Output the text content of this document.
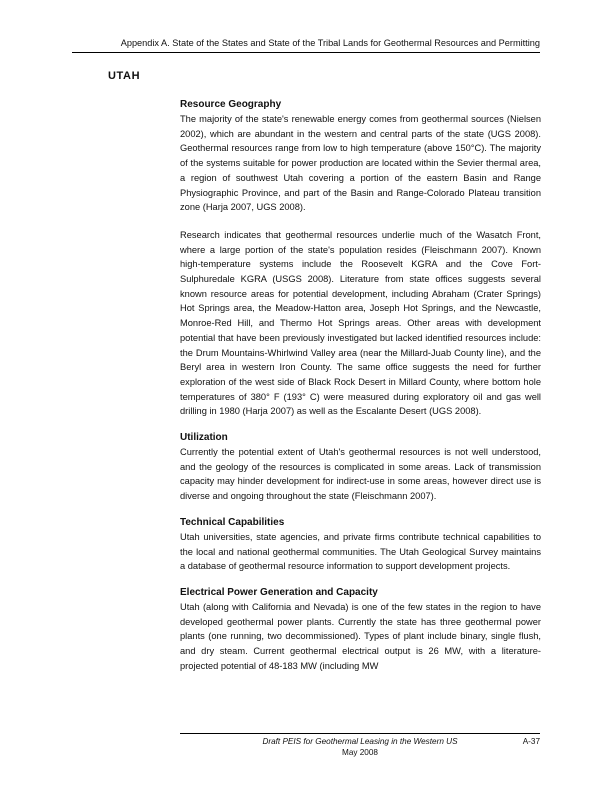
Appendix A. State of the States and State of the Tribal Lands for Geothermal Resources and Permitting
UTAH

Resource Geography

The majority of the state's renewable energy comes from geothermal sources (Nielsen 2002), which are abundant in the western and central parts of the state (UGS 2008). Geothermal resources range from low to high temperature (above 150°C). The majority of the systems suitable for power production are located within the Sevier thermal area, a region of southwest Utah covering a portion of the eastern Basin and Range Physiographic Province, and part of the Basin and Range-Colorado Plateau transition zone (Harja 2007, UGS 2008).

Research indicates that geothermal resources underlie much of the Wasatch Front, where a large portion of the state's population resides (Fleischmann 2007). Known high-temperature systems include the Roosevelt KGRA and the Cove Fort-Sulphuredale KGRA (USGS 2008). Literature from state offices suggests several known resource areas for potential development, including Abraham (Crater Springs) Hot Springs area, the Meadow-Hatton area, Joseph Hot Springs, and the Newcastle, Monroe-Red Hill, and Thermo Hot Springs areas. Other areas with development potential that have been previously investigated but lacked identified resources include: the Drum Mountains-Whirlwind Valley area (near the Millard-Juab County line), and the Beryl area in western Iron County. The same office suggests the need for further exploration of the west side of Black Rock Desert in Millard County, where bottom hole temperatures of 380° F (193° C) were measured during exploratory oil and gas well drilling in 1980 (Harja 2007) as well as the Escalante Desert (UGS 2008).

Utilization

Currently the potential extent of Utah's geothermal resources is not well understood, and the geology of the resources is complicated in some areas. Lack of transmission capacity may hinder development for indirect-use in some areas, however direct use is diverse and ongoing throughout the state (Fleischmann 2007).

Technical Capabilities

Utah universities, state agencies, and private firms contribute technical capabilities to the local and national geothermal communities. The Utah Geological Survey maintains a database of geothermal resource information to support development projects.

Electrical Power Generation and Capacity

Utah (along with California and Nevada) is one of the few states in the region to have developed geothermal power plants. Currently the state has three geothermal power plants (one running, two decommissioned). Types of plant include binary, single flush, and dry steam. Current geothermal electrical output is 26 MW, with a literature-projected potential of 48-183 MW (including MW

Draft PEIS for Geothermal Leasing in the Western US	A-37
May 2008
